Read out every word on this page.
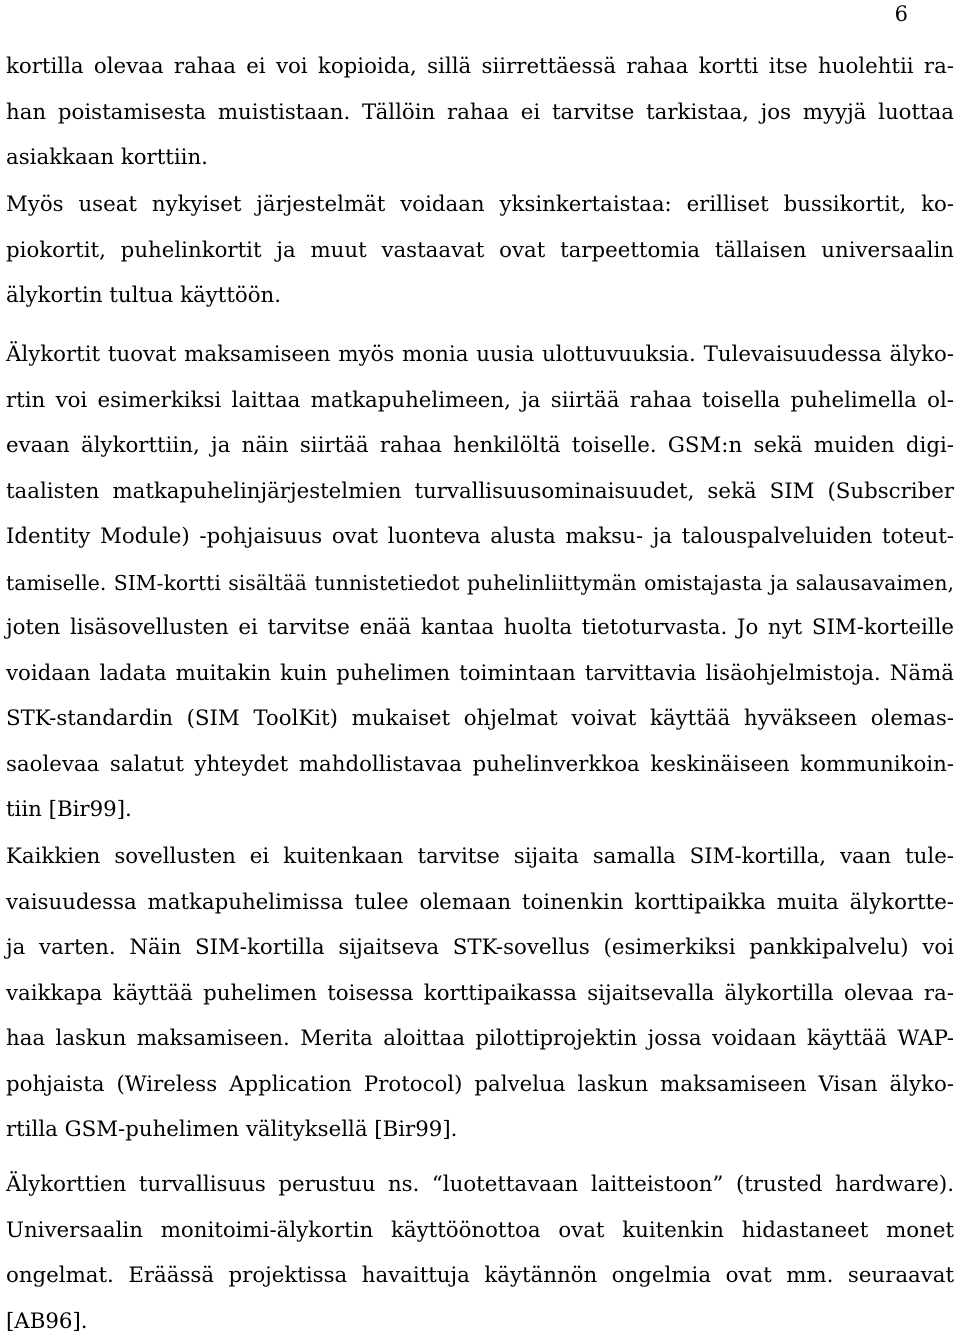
6
kortilla olevaa rahaa ei voi kopioida, sillä siirrettäessä rahaa kortti itse huolehtii ra-
han poistamisesta muististaan. Tällöin rahaa ei tarvitse tarkistaa, jos myyjä luottaa
asiakkaan korttiin.
Myös useat nykyiset järjestelmät voidaan yksinkertaistaa: erilliset bussikortit, ko-
piokortit, puhelinkortit ja muut vastaavat ovat tarpeettomia tällaisen universaalin
älykortin tultua käyttöön.
Älykortit tuovat maksamiseen myös monia uusia ulottuvuuksia. Tulevaisuudessa älyko-
rtin voi esimerkiksi laittaa matkapuhelimeen, ja siirtää rahaa toisella puhelimella ol-
evaan älykorttiin, ja näin siirtää rahaa henkilöltä toiselle. GSM:n sekä muiden digi-
taalisten matkapuhelinjärjestelmien turvallisuusominaisuudet, sekä SIM (Subscriber
Identity Module) -pohjaisuus ovat luonteva alusta maksu- ja talouspalveluiden toteut-
tamiselle. SIM-kortti sisältää tunnistetiedot puhelinliittymän omistajasta ja salausavaimen,
joten lisäsovellusten ei tarvitse enää kantaa huolta tietoturvasta. Jo nyt SIM-korteille
voidaan ladata muitakin kuin puhelimen toimintaan tarvittavia lisäohjelmistoja. Nämä
STK-standardin (SIM ToolKit) mukaiset ohjelmat voivat käyttää hyväkseen olemas-
saolevaa salatut yhteydet mahdollistavaa puhelinverkkoa keskinäiseen kommunikoin-
tiin [Bir99].
Kaikkien sovellusten ei kuitenkaan tarvitse sijaita samalla SIM-kortilla, vaan tule-
vaisuudessa matkapuhelimissa tulee olemaan toinenkin korttipaikka muita älykortte-
ja varten. Näin SIM-kortilla sijaitseva STK-sovellus (esimerkiksi pankkipalvelu) voi
vaikkapa käyttää puhelimen toisessa korttipaikassa sijaitsevalla älykortilla olevaa ra-
haa laskun maksamiseen. Merita aloittaa pilottiprojektin jossa voidaan käyttää WAP-
pohjaista (Wireless Application Protocol) palvelua laskun maksamiseen Visan älyko-
rtilla GSM-puhelimen välityksellä [Bir99].
Älykorttien turvallisuus perustuu ns. “luotettavaan laitteistoon” (trusted hardware).
Universaalin monitoimi-älykortin käyttöönottoa ovat kuitenkin hidastaneet monet
ongelmat. Eräässä projektissa havaittuja käytännön ongelmia ovat mm. seuraavat
[AB96].
